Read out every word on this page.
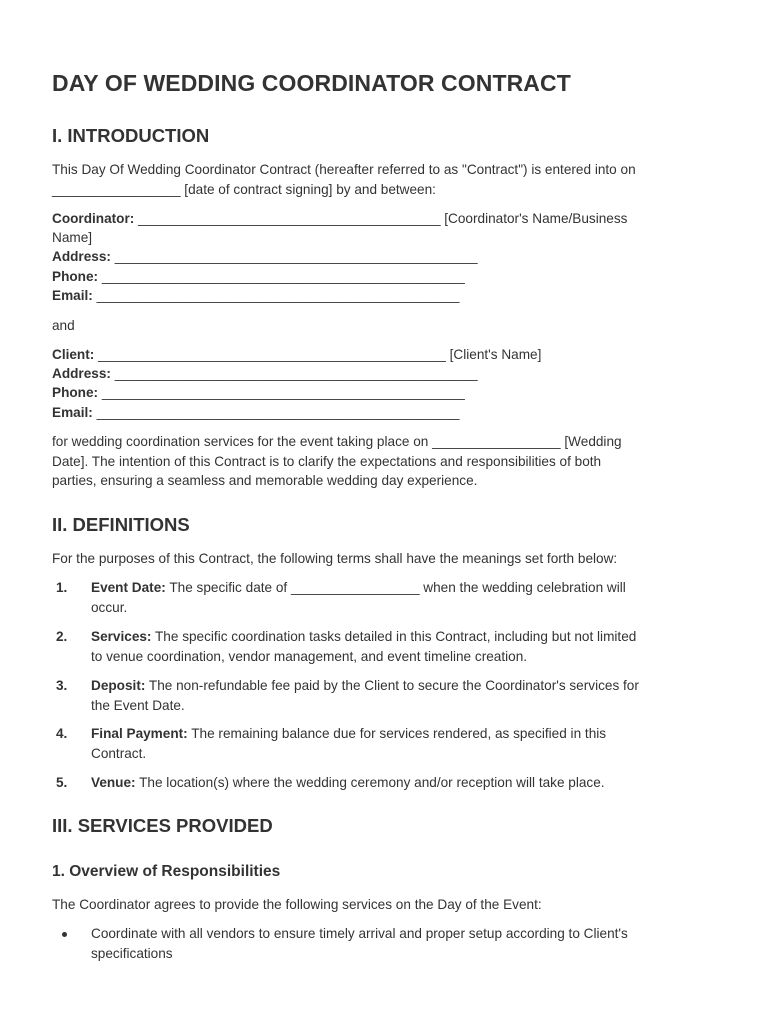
DAY OF WEDDING COORDINATOR CONTRACT
I. INTRODUCTION
This Day Of Wedding Coordinator Contract (hereafter referred to as "Contract") is entered into on
_________________ [date of contract signing] by and between:
Coordinator: ________________________________________ [Coordinator's Name/Business
Name]
Address: ________________________________________________
Phone: ________________________________________________
Email: ________________________________________________
and
Client: ______________________________________________ [Client's Name]
Address: ________________________________________________
Phone: ________________________________________________
Email: ________________________________________________
for wedding coordination services for the event taking place on _________________ [Wedding
Date]. The intention of this Contract is to clarify the expectations and responsibilities of both
parties, ensuring a seamless and memorable wedding day experience.
II. DEFINITIONS
For the purposes of this Contract, the following terms shall have the meanings set forth below:
1. Event Date: The specific date of _________________ when the wedding celebration will
occur.
2. Services: The specific coordination tasks detailed in this Contract, including but not limited
to venue coordination, vendor management, and event timeline creation.
3. Deposit: The non-refundable fee paid by the Client to secure the Coordinator's services for
the Event Date.
4. Final Payment: The remaining balance due for services rendered, as specified in this
Contract.
5. Venue: The location(s) where the wedding ceremony and/or reception will take place.
III. SERVICES PROVIDED
1. Overview of Responsibilities
The Coordinator agrees to provide the following services on the Day of the Event:
Coordinate with all vendors to ensure timely arrival and proper setup according to Client's
specifications
